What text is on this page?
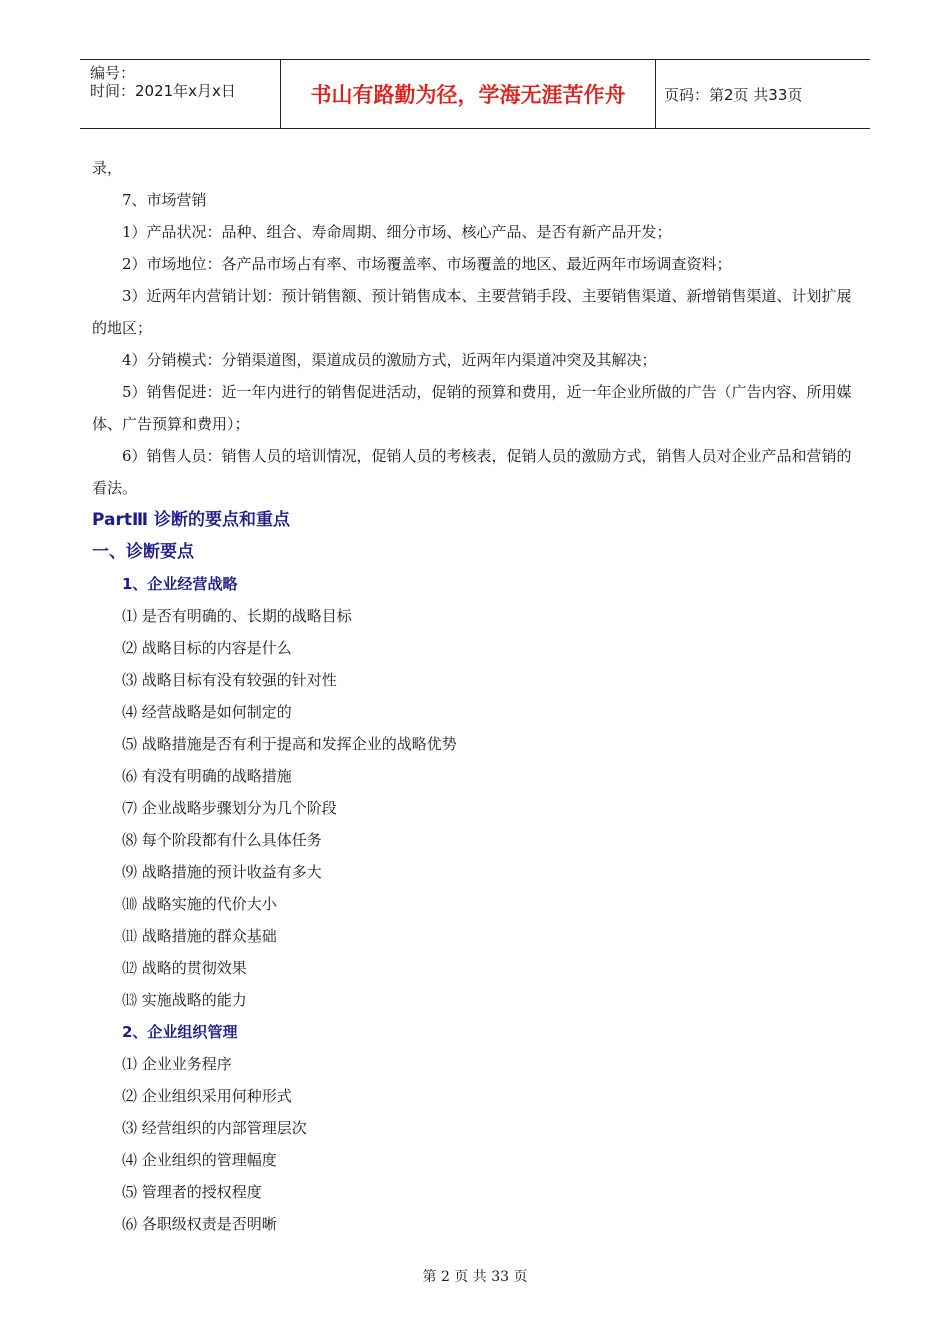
编号：
时间：2021年x月x日	书山有路勤为径，学海无涯苦作舟	页码：第2页 共33页
录，
7、市场营销
1）产品状况：品种、组合、寿命周期、细分市场、核心产品、是否有新产品开发；
2）市场地位：各产品市场占有率、市场覆盖率、市场覆盖的地区、最近两年市场调查资料；
3）近两年内营销计划：预计销售额、预计销售成本、主要营销手段、主要销售渠道、新增销售渠道、计划扩展的地区；
4）分销模式：分销渠道图，渠道成员的激励方式，近两年内渠道冲突及其解决；
5）销售促进：近一年内进行的销售促进活动，促销的预算和费用，近一年企业所做的广告（广告内容、所用媒体、广告预算和费用）；
6）销售人员：销售人员的培训情况，促销人员的考核表，促销人员的激励方式，销售人员对企业产品和营销的看法。
PartⅢ 诊断的要点和重点
一、诊断要点
1、企业经营战略
⑴ 是否有明确的、长期的战略目标
⑵ 战略目标的内容是什么
⑶ 战略目标有没有较强的针对性
⑷ 经营战略是如何制定的
⑸ 战略措施是否有利于提高和发挥企业的战略优势
⑹ 有没有明确的战略措施
⑺ 企业战略步骤划分为几个阶段
⑻ 每个阶段都有什么具体任务
⑼ 战略措施的预计收益有多大
⑽ 战略实施的代价大小
⑾ 战略措施的群众基础
⑿ 战略的贯彻效果
⒀ 实施战略的能力
2、企业组织管理
⑴ 企业业务程序
⑵ 企业组织采用何种形式
⑶ 经营组织的内部管理层次
⑷ 企业组织的管理幅度
⑸ 管理者的授权程度
⑹ 各职级权责是否明晰
第 2 页 共 33 页
